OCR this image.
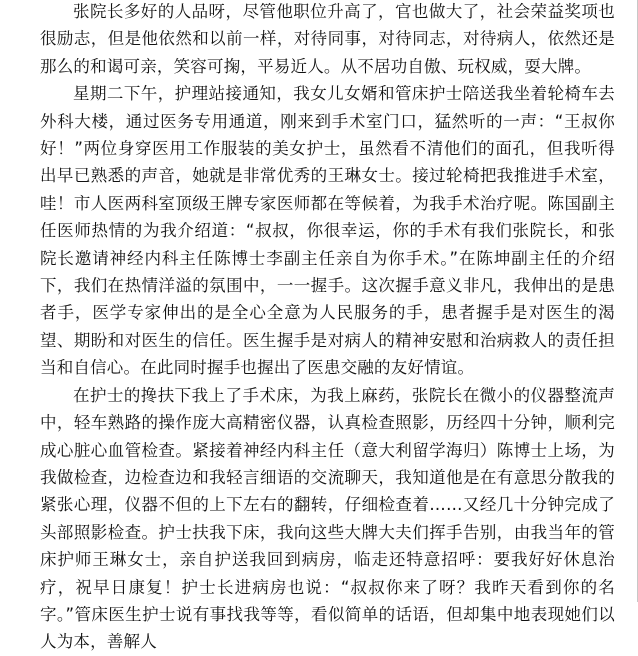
张院长多好的人品呀，尽管他职位升高了，官也做大了，社会荣益奖项也很励志，但是他依然和以前一样，对待同事，对待同志，对待病人，依然还是那么的和谒可亲，笑容可掬，平易近人。从不居功自傲、玩权威，耍大牌。

星期二下午，护理站接通知，我女儿女婿和管床护士陪送我坐着轮椅车去外科大楼，通过医务专用通道，刚来到手术室门口，猛然听的一声：“王叔你好！”两位身穿医用工作服装的美女护士，虽然看不清他们的面孔，但我听得出早已熟悉的声音，她就是非常优秀的王琳女士。接过轮椅把我推进手术室，哇！市人医两科室顶级王牌专家医师都在等候着，为我手术治疗呢。陈国副主任医师热情的为我介绍道：“叔叔，你很幸运，你的手术有我们张院长，和张院长邀请神经内科主任陈博士李副主任亲自为你手术。”在陈坤副主任的介绍下，我们在热情洋溢的氛围中，一一握手。这次握手意义非凡，我伸出的是患者手，医学专家伸出的是全心全意为人民服务的手，患者握手是对医生的渴望、期盼和对医生的信任。医生握手是对病人的精神安慰和治病救人的责任担当和自信心。在此同时握手也握出了医患交融的友好情谊。

在护士的搀扶下我上了手术床，为我上麻药，张院长在微小的仪器整流声中，轻车熟路的操作庞大高精密仪器，认真检查照影，历经四十分钟，顺利完成心脏心血管检查。紧接着神经内科主任（意大利留学海归）陈博士上场，为我做检查，边检查边和我轻言细语的交流聊天，我知道他是在有意思分散我的紧张心理，仪器不但的上下左右的翻转，仔细检查着……又经几十分钟完成了头部照影检查。护士扶我下床，我向这些大牌大夫们挥手告别，由我当年的管床护师王琳女士，亲自护送我回到病房，临走还特意招呼：要我好好休息治疗，祝早日康复！护士长进病房也说：“叔叔你来了呀？我昨天看到你的名字。”管床医生护士说有事找我等等，看似简单的话语，但却集中地表现她们以人为本，善解人
